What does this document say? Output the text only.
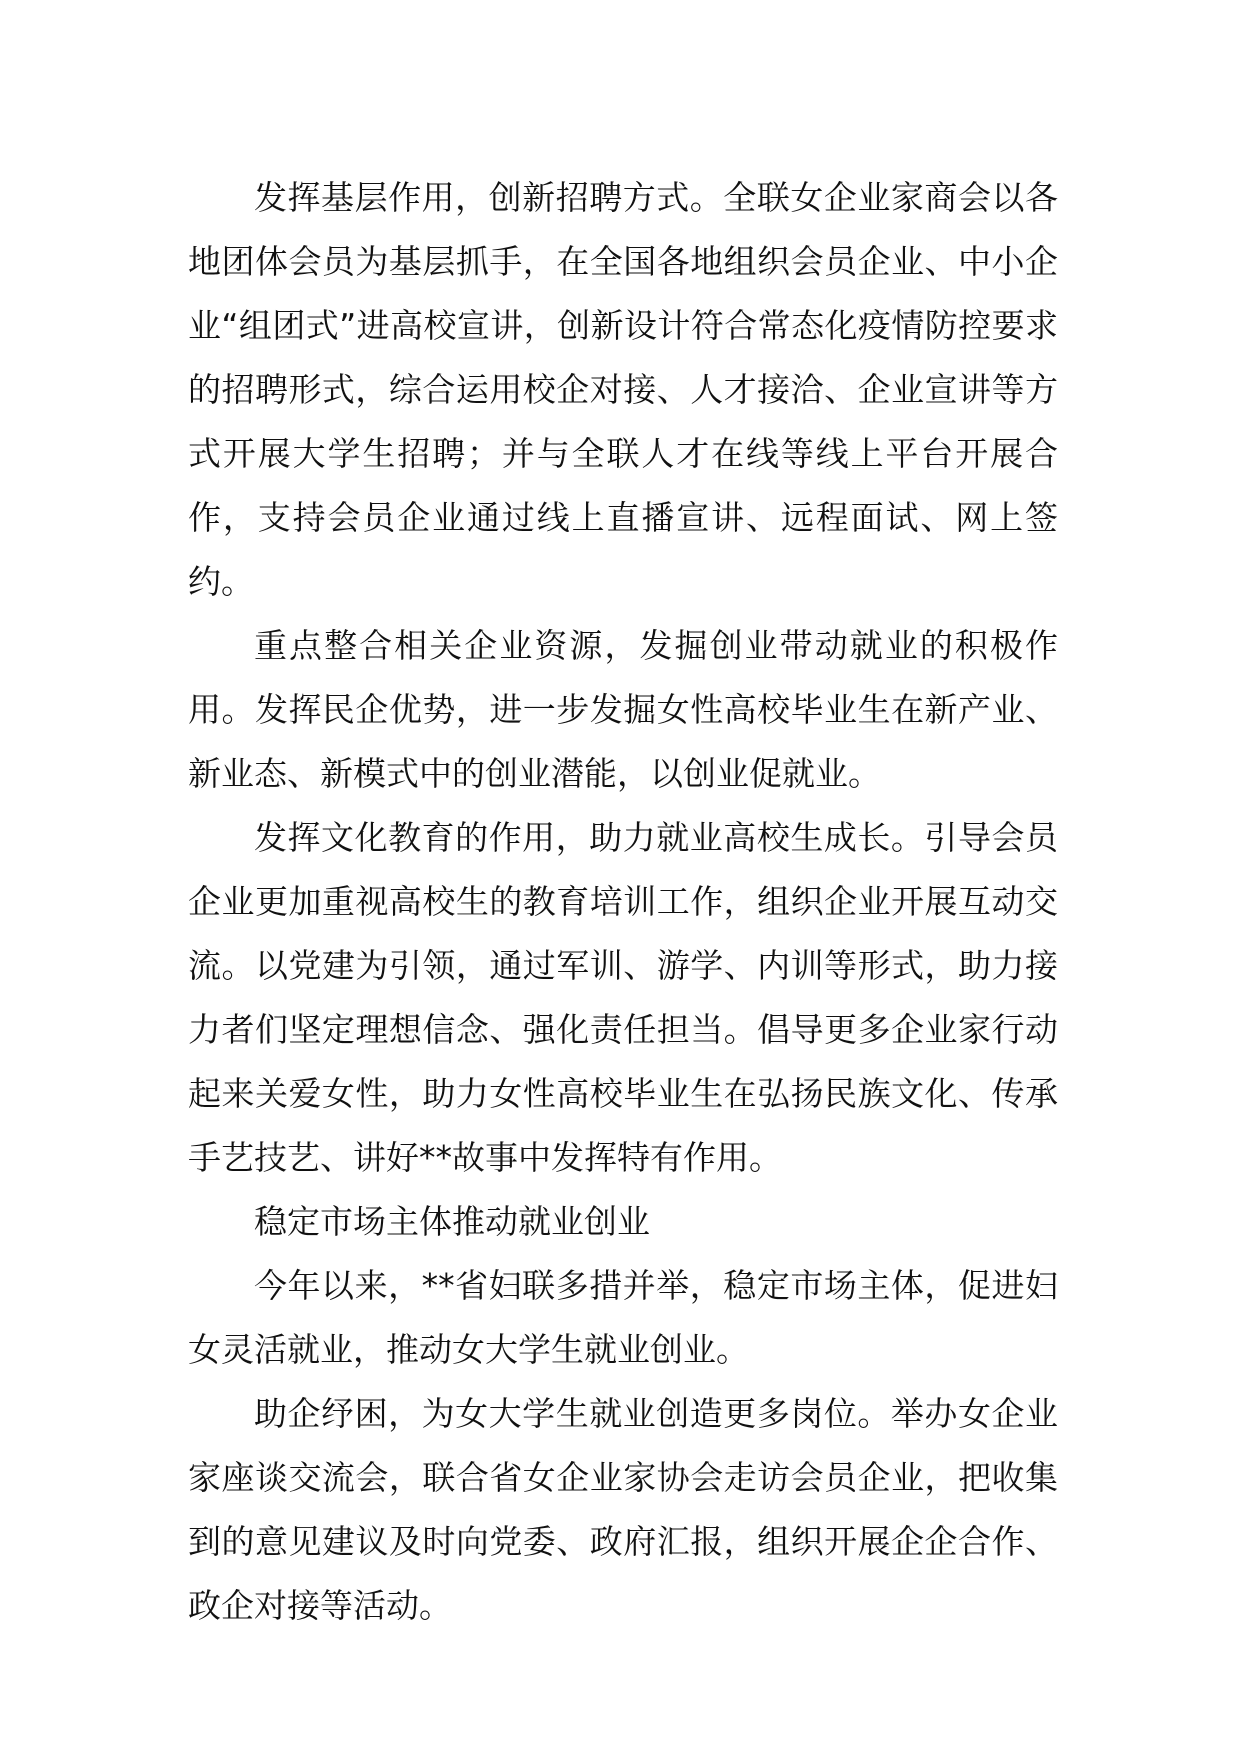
发挥基层作用，创新招聘方式。全联女企业家商会以各地团体会员为基层抓手，在全国各地组织会员企业、中小企业“组团式”进高校宣讲，创新设计符合常态化疫情防控要求的招聘形式，综合运用校企对接、人才接洽、企业宣讲等方式开展大学生招聘；并与全联人才在线等线上平台开展合作，支持会员企业通过线上直播宣讲、远程面试、网上签约。

重点整合相关企业资源，发掘创业带动就业的积极作用。发挥民企优势，进一步发掘女性高校毕业生在新产业、新业态、新模式中的创业潜能，以创业促就业。

发挥文化教育的作用，助力就业高校生成长。引导会员企业更加重视高校生的教育培训工作，组织企业开展互动交流。以党建为引领，通过军训、游学、内训等形式，助力接力者们坚定理想信念、强化责任担当。倡导更多企业家行动起来关爱女性，助力女性高校毕业生在弘扬民族文化、传承手艺技艺、讲好**故事中发挥特有作用。

稳定市场主体推动就业创业

今年以来，**省妇联多措并举，稳定市场主体，促进妇女灵活就业，推动女大学生就业创业。

助企纾困，为女大学生就业创造更多岗位。举办女企业家座谈交流会，联合省女企业家协会走访会员企业，把收集到的意见建议及时向党委、政府汇报，组织开展企企合作、政企对接等活动。
